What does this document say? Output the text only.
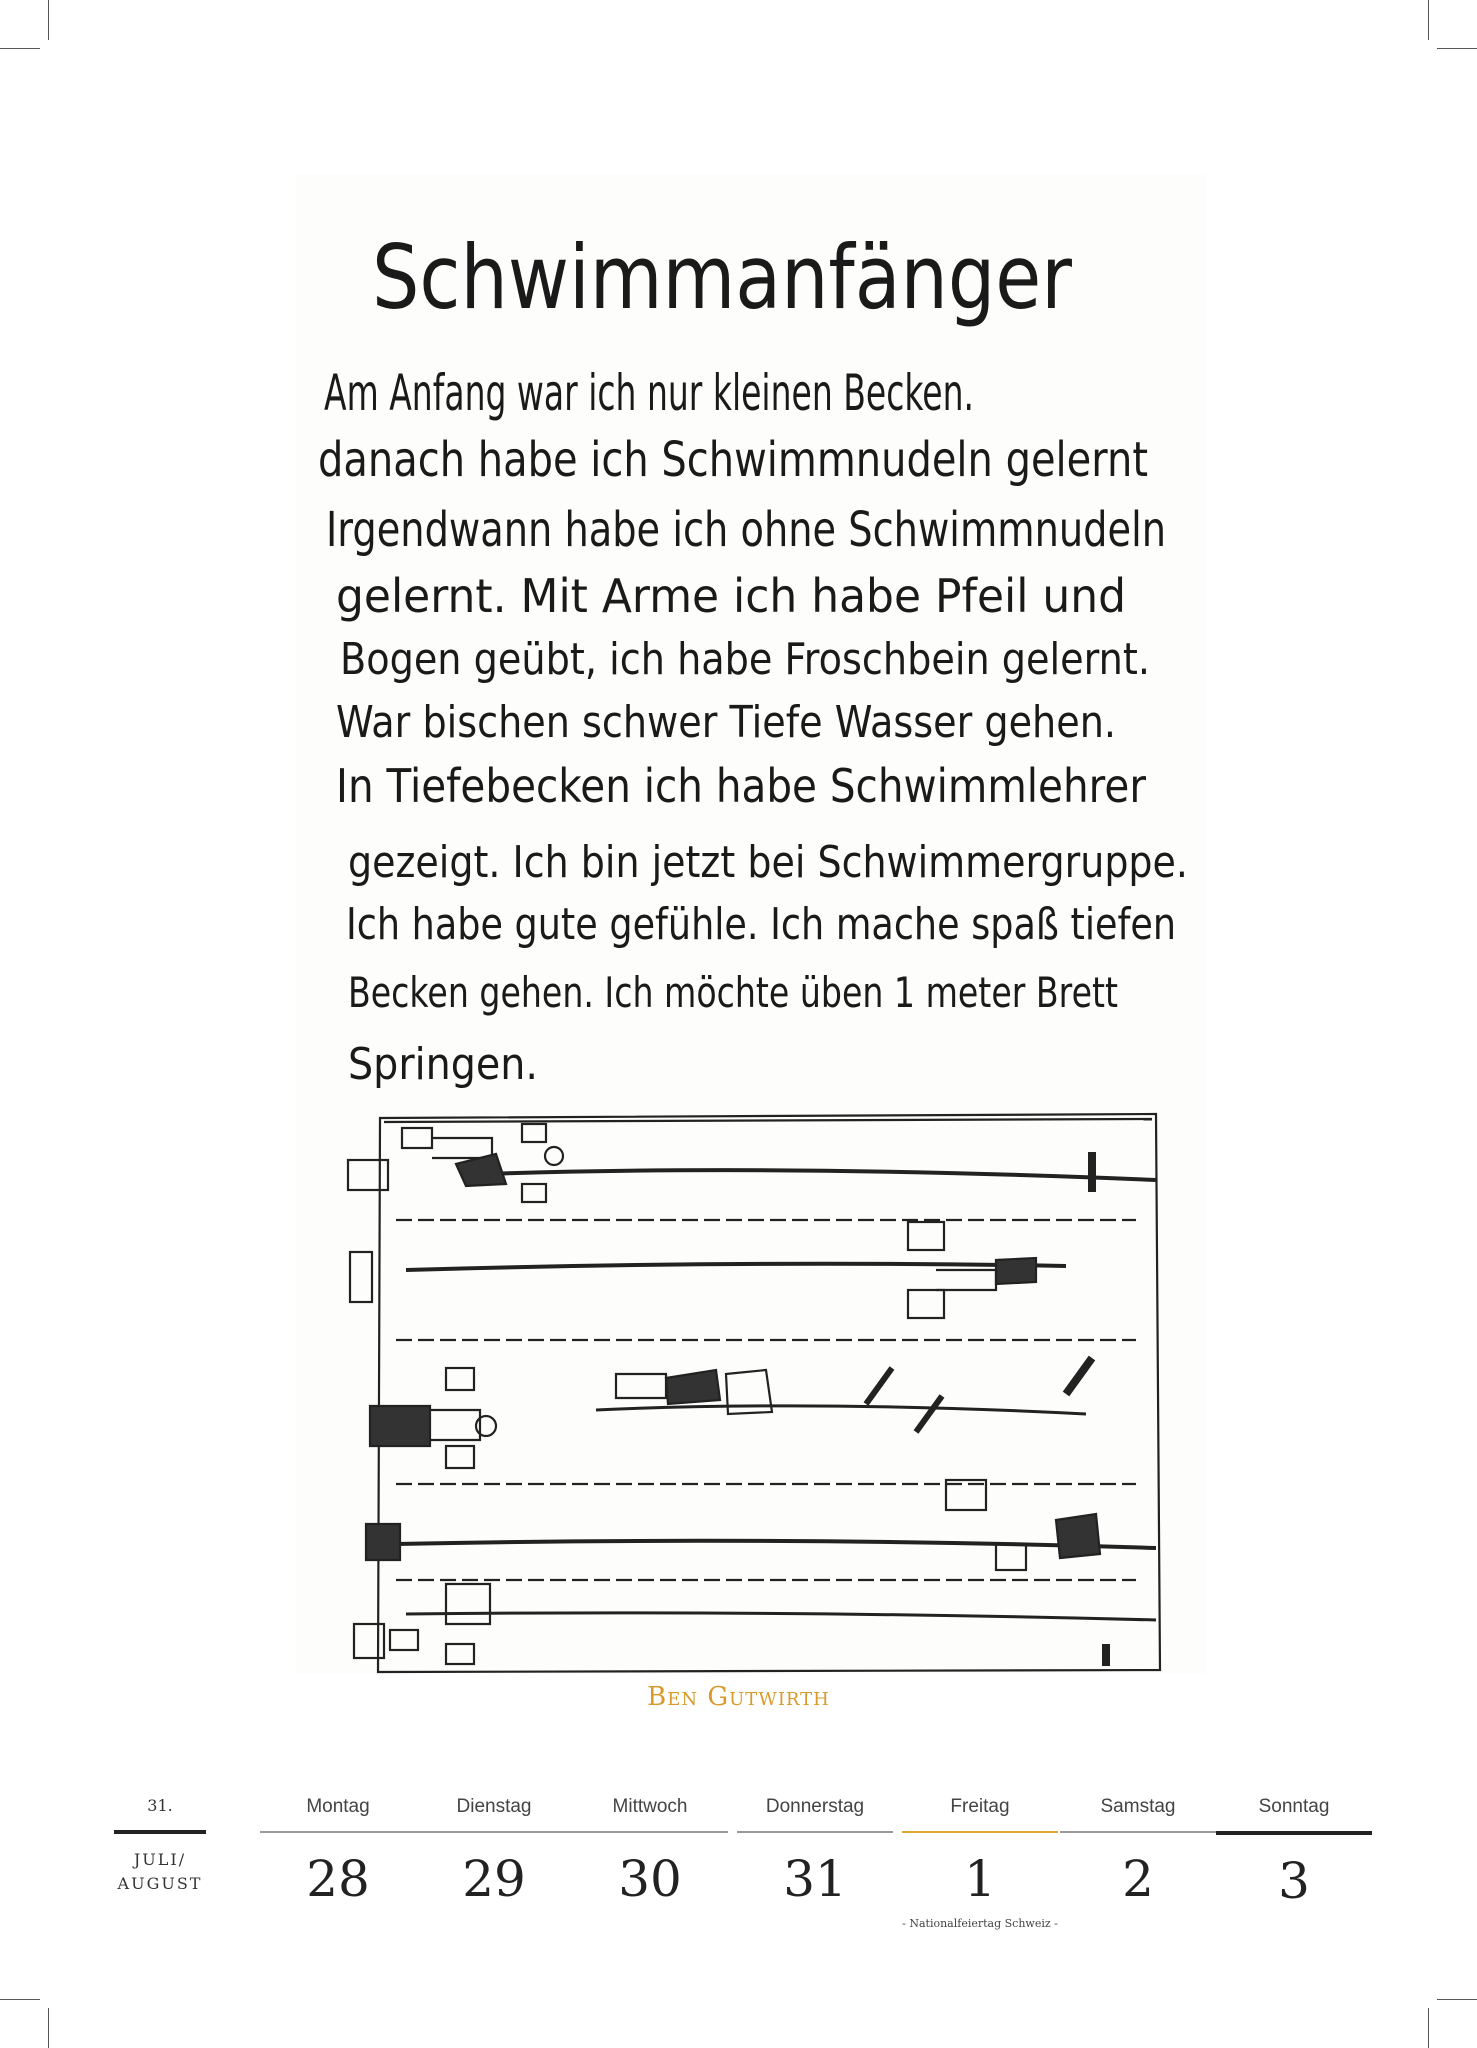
Schwimmanfänger
Am Anfang war ich nur kleinen Becken.
danach habe ich Schwimmnudeln gelernt
Irgendwann habe ich ohne Schwimmnudeln
gelernt. Mit Arme ich habe Pfeil und
Bogen geübt, ich habe Froschbein gelernt.
War bischen schwer Tiefe Wasser gehen.
In Tiefebecken ich habe Schwimmlehrer
gezeigt. Ich bin jetzt bei Schwimmergruppe.
Ich habe gute gefühle. Ich mache spaß tiefen
Becken gehen. Ich möchte üben 1 meter Brett
Springen.
Ben Gutwirth
31.
JULI/
AUGUST
Montag
28
Dienstag
29
Mittwoch
30
Donnerstag
31
Freitag
1
- Nationalfeiertag Schweiz -
Samstag
2
Sonntag
3
